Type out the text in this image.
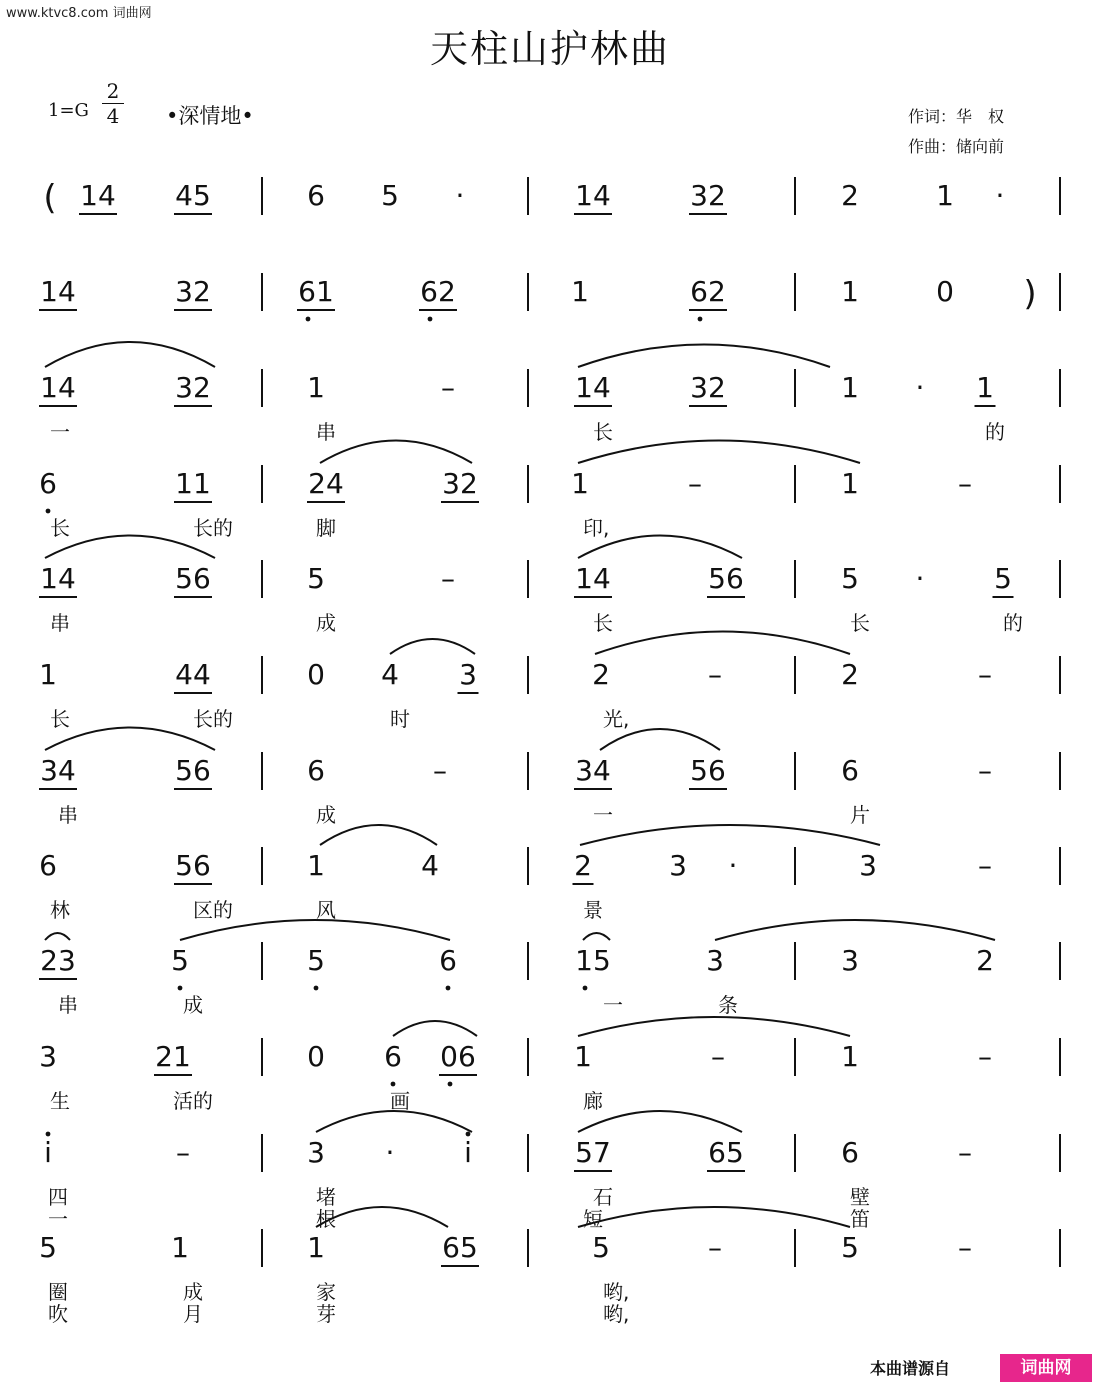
www.ktvc8.com 词曲网
天柱山护林曲
1=G
2
4	•深情地•	作词：华　权
作曲：储向前
( 14 45	6 5 ·	14	32	2	1 ·
14	32	61	62	1	62	1	0 )
14	32	1	–	14	32	1 · 1
一	串	长	的
6	11	24	32	1	–	1	–
长	长的	脚	印,
14	56	5	–	14	56	5 · 5
串	成	长	长	的
1	44	0 4 3	2	–	2	–
长	长的	时	光,
34	56	6	–	34	56	6	–
串	成	一	片
6	56	1	4	2	3 ·	3	–
林	区的	风	景
23	5	5	6	15	3	3	2
串	成	一	条
3	21	0 6 06	1	–	1	–
生	活的	画	廊
i	–	3 · i	57	65	6	–
四	堵	石	壁
一	根	短	笛
5	1	1	65	5	–	5	–
圈	成	家	哟,
吹	月	芽	哟,
本曲谱源自	词曲网
